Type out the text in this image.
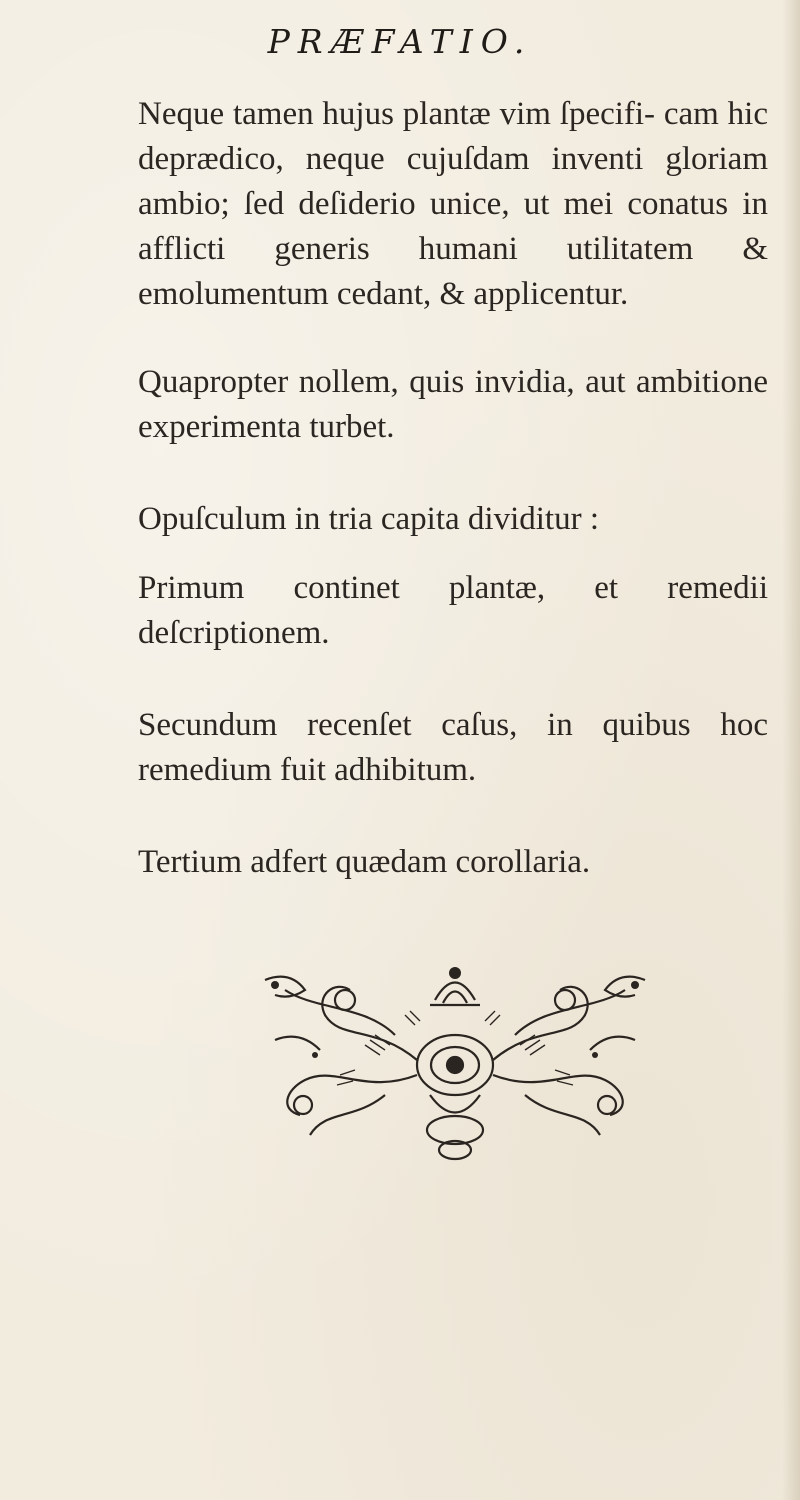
PRÆFATIO.

Neque tamen hujus plantæ vim ſpecifi- cam hic deprædico, neque cujuſdam inventi gloriam ambio; ſed deſiderio unice, ut mei conatus in afflicti generis humani utilitatem & emolumentum cedant, & applicentur.

Quapropter nollem, quis invidia, aut ambitione experimenta turbet.

Opuſculum in tria capita dividitur :

Primum continet plantæ, et remedii deſcriptionem.

Secundum recenſet caſus, in quibus hoc remedium fuit adhibitum.

Tertium adfert quædam corollaria.
